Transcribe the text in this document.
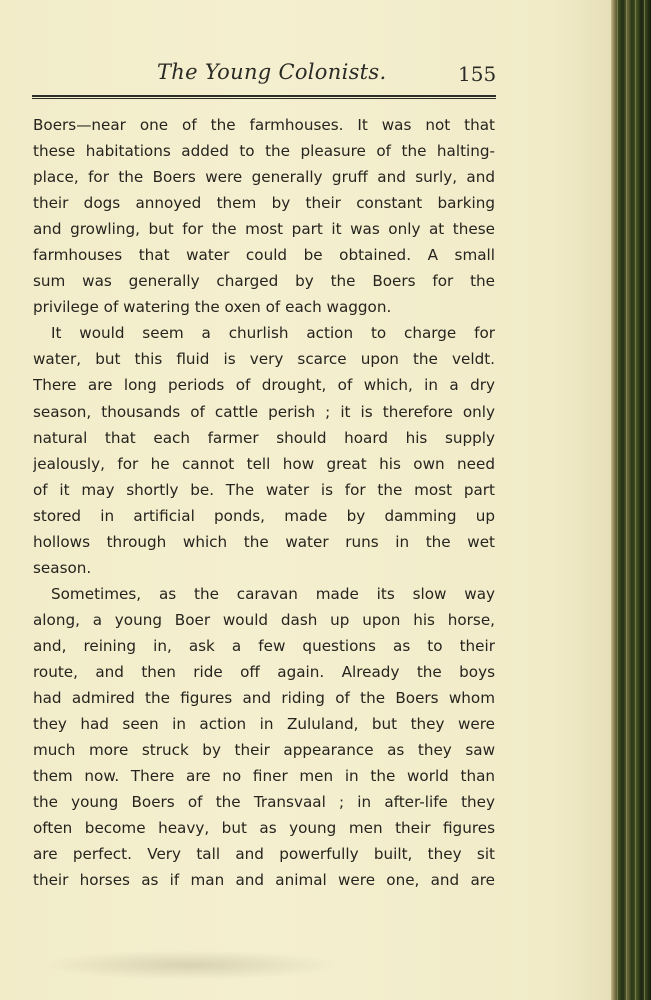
The Young Colonists.	155
Boers—near one of the farmhouses. It was not that
these habitations added to the pleasure of the halting-
place, for the Boers were generally gruff and surly, and
their dogs annoyed them by their constant barking
and growling, but for the most part it was only at these
farmhouses that water could be obtained. A small
sum was generally charged by the Boers for the
privilege of watering the oxen of each waggon.
It would seem a churlish action to charge for
water, but this fluid is very scarce upon the veldt.
There are long periods of drought, of which, in a dry
season, thousands of cattle perish ; it is therefore only
natural that each farmer should hoard his supply
jealously, for he cannot tell how great his own need
of it may shortly be. The water is for the most part
stored in artificial ponds, made by damming up
hollows through which the water runs in the wet
season.
Sometimes, as the caravan made its slow way
along, a young Boer would dash up upon his horse,
and, reining in, ask a few questions as to their
route, and then ride off again. Already the boys
had admired the figures and riding of the Boers whom
they had seen in action in Zululand, but they were
much more struck by their appearance as they saw
them now. There are no finer men in the world than
the young Boers of the Transvaal ; in after-life they
often become heavy, but as young men their figures
are perfect. Very tall and powerfully built, they sit
their horses as if man and animal were one, and are
